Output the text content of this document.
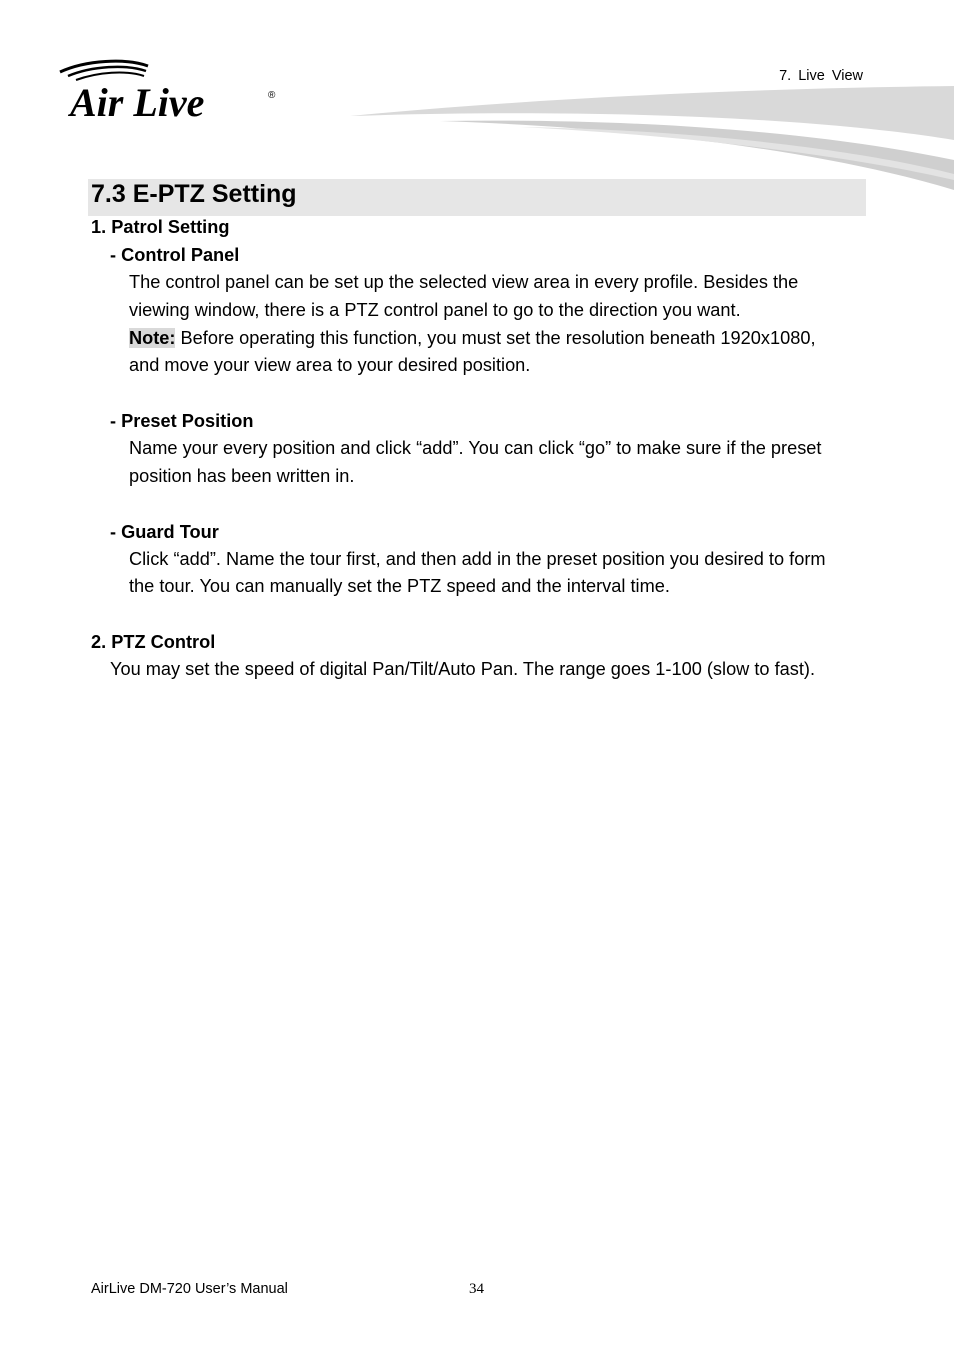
Air Live	®
7. Live View
7.3 E-PTZ Setting
1. Patrol Setting
- Control Panel
The control panel can be set up the selected view area in every profile. Besides the
viewing window, there is a PTZ control panel to go to the direction you want.
Note: Before operating this function, you must set the resolution beneath 1920x1080,
and move your view area to your desired position.
- Preset Position
Name your every position and click “add”. You can click “go” to make sure if the preset
position has been written in.
- Guard Tour
Click “add”. Name the tour first, and then add in the preset position you desired to form
the tour. You can manually set the PTZ speed and the interval time.
2. PTZ Control
You may set the speed of digital Pan/Tilt/Auto Pan. The range goes 1-100 (slow to fast).
AirLive DM-720 User’s Manual	34
